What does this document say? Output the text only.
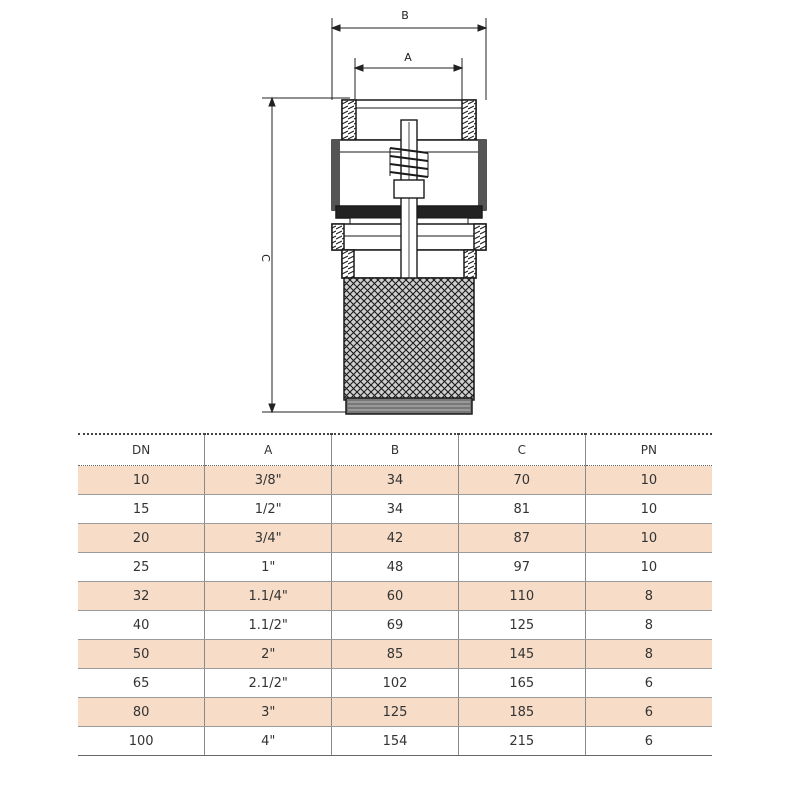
B
A
C
DN	A	B	C	PN
10	3/8"	34	70	10
15	1/2"	34	81	10
20	3/4"	42	87	10
25	1"	48	97	10
32	1.1/4"	60	110	8
40	1.1/2"	69	125	8
50	2"	85	145	8
65	2.1/2"	102	165	6
80	3"	125	185	6
100	4"	154	215	6
